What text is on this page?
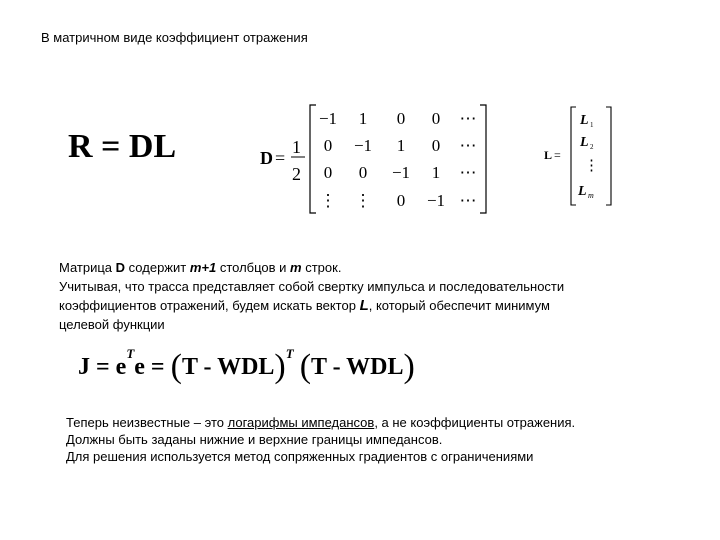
В матричном виде коэффициент отражения
R = DL	D =
1
2
−1 1 0 0 ⋯
0 −1 1 0 ⋯
0 0 −1 1 ⋯
⋮ ⋮ 0 −1 ⋯
L =
L 1
L 2
⋮
L m
Матрица D содержит m+1 столбцов и m строк.
Учитывая, что трасса представляет собой свертку импульса и последовательности
коэффициентов отражений, будем искать вектор L, который обеспечит минимум
целевой функции
$J = e^Te = (T - WDL)^T$ (T - WDL)
Теперь неизвестные – это логарифмы импедансов, а не коэффициенты отражения.
Должны быть заданы нижние и верхние границы импедансов.
Для решения используется метод сопряженных градиентов с ограничениями
